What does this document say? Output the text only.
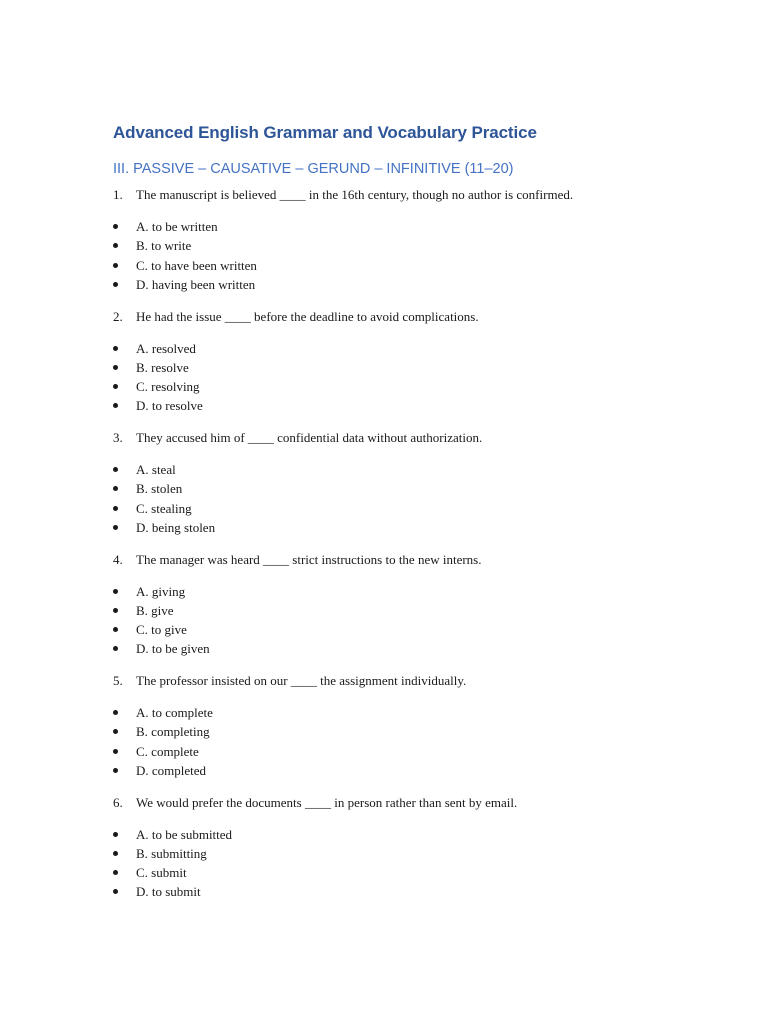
Advanced English Grammar and Vocabulary Practice
III. PASSIVE – CAUSATIVE – GERUND – INFINITIVE (11–20)
1. The manuscript is believed ____ in the 16th century, though no author is confirmed.
A. to be written
B. to write
C. to have been written
D. having been written
2. He had the issue ____ before the deadline to avoid complications.
A. resolved
B. resolve
C. resolving
D. to resolve
3. They accused him of ____ confidential data without authorization.
A. steal
B. stolen
C. stealing
D. being stolen
4. The manager was heard ____ strict instructions to the new interns.
A. giving
B. give
C. to give
D. to be given
5. The professor insisted on our ____ the assignment individually.
A. to complete
B. completing
C. complete
D. completed
6. We would prefer the documents ____ in person rather than sent by email.
A. to be submitted
B. submitting
C. submit
D. to submit
